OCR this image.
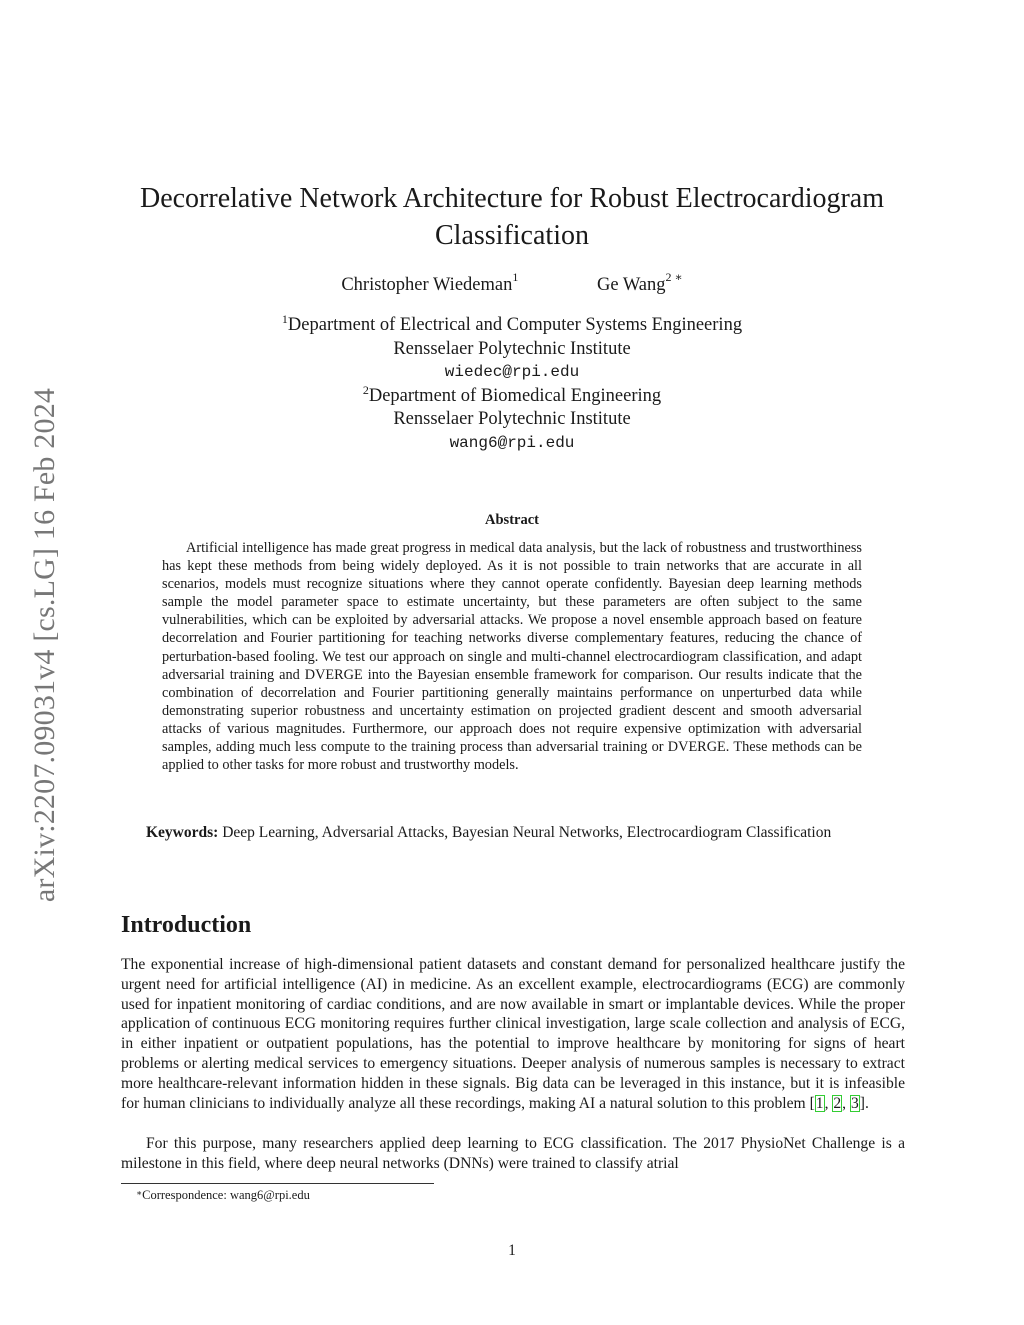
arXiv:2207.09031v4 [cs.LG] 16 Feb 2024
Decorrelative Network Architecture for Robust Electrocardiogram Classification
Christopher Wiedeman$^1$	Ge Wang$^{2 ∗}$
$^1$Department of Electrical and Computer Systems Engineering
Rensselaer Polytechnic Institute
wiedec@rpi.edu
$^2$Department of Biomedical Engineering
Rensselaer Polytechnic Institute
wang6@rpi.edu
Abstract

Artificial intelligence has made great progress in medical data analysis, but the lack of robustness and trustworthiness has kept these methods from being widely deployed. As it is not possible to train networks that are accurate in all scenarios, models must recognize situations where they cannot operate confidently. Bayesian deep learning methods sample the model parameter space to estimate uncertainty, but these parameters are often subject to the same vulnerabilities, which can be exploited by adversarial attacks. We propose a novel ensemble approach based on feature decorrelation and Fourier partitioning for teaching networks diverse complementary features, reducing the chance of perturbation-based fooling. We test our approach on single and multi-channel electrocardiogram classification, and adapt adversarial training and DVERGE into the Bayesian ensemble framework for comparison. Our results indicate that the combination of decorrelation and Fourier partitioning generally maintains performance on unperturbed data while demonstrating superior robustness and uncertainty estimation on projected gradient descent and smooth adversarial attacks of various magnitudes. Furthermore, our approach does not require expensive optimization with adversarial samples, adding much less compute to the training process than adversarial training or DVERGE. These methods can be applied to other tasks for more robust and trustworthy models.

Keywords: Deep Learning, Adversarial Attacks, Bayesian Neural Networks, Electrocardiogram Classification

Introduction

The exponential increase of high-dimensional patient datasets and constant demand for personalized healthcare justify the urgent need for artificial intelligence (AI) in medicine. As an excellent example, electrocardiograms (ECG) are commonly used for inpatient monitoring of cardiac conditions, and are now available in smart or implantable devices. While the proper application of continuous ECG monitoring requires further clinical investigation, large scale collection and analysis of ECG, in either inpatient or outpatient populations, has the potential to improve healthcare by monitoring for signs of heart problems or alerting medical services to emergency situations. Deeper analysis of numerous samples is necessary to extract more healthcare-relevant information hidden in these signals. Big data can be leveraged in this instance, but it is infeasible for human clinicians to individually analyze all these recordings, making AI a natural solution to this problem [1, 2, 3].

For this purpose, many researchers applied deep learning to ECG classification. The 2017 PhysioNet Challenge is a milestone in this field, where deep neural networks (DNNs) were trained to classify atrial

∗Correspondence: wang6@rpi.edu
1
